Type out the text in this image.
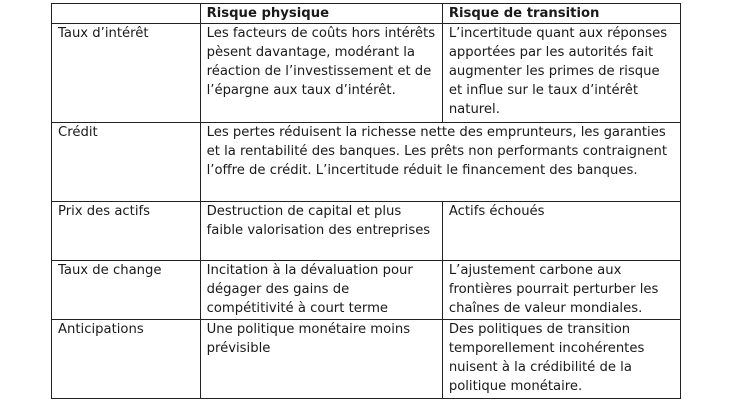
	Risque physique	Risque de transition
Taux d’intérêt	Les facteurs de coûts hors intérêts pèsent davantage, modérant la réaction de l’investissement et de l’épargne aux taux d’intérêt.	L’incertitude quant aux réponses apportées par les autorités fait augmenter les primes de risque et influe sur le taux d’intérêt naturel.
Crédit	Les pertes réduisent la richesse nette des emprunteurs, les garanties et la rentabilité des banques. Les prêts non performants contraignent l’offre de crédit. L’incertitude réduit le financement des banques.	
Prix des actifs	Destruction de capital et plus faible valorisation des entreprises	Actifs échoués
Taux de change	Incitation à la dévaluation pour dégager des gains de compétitivité à court terme	L’ajustement carbone aux frontières pourrait perturber les chaînes de valeur mondiales.
Anticipations	Une politique monétaire moins prévisible	Des politiques de transition temporellement incohérentes nuisent à la crédibilité de la politique monétaire.
